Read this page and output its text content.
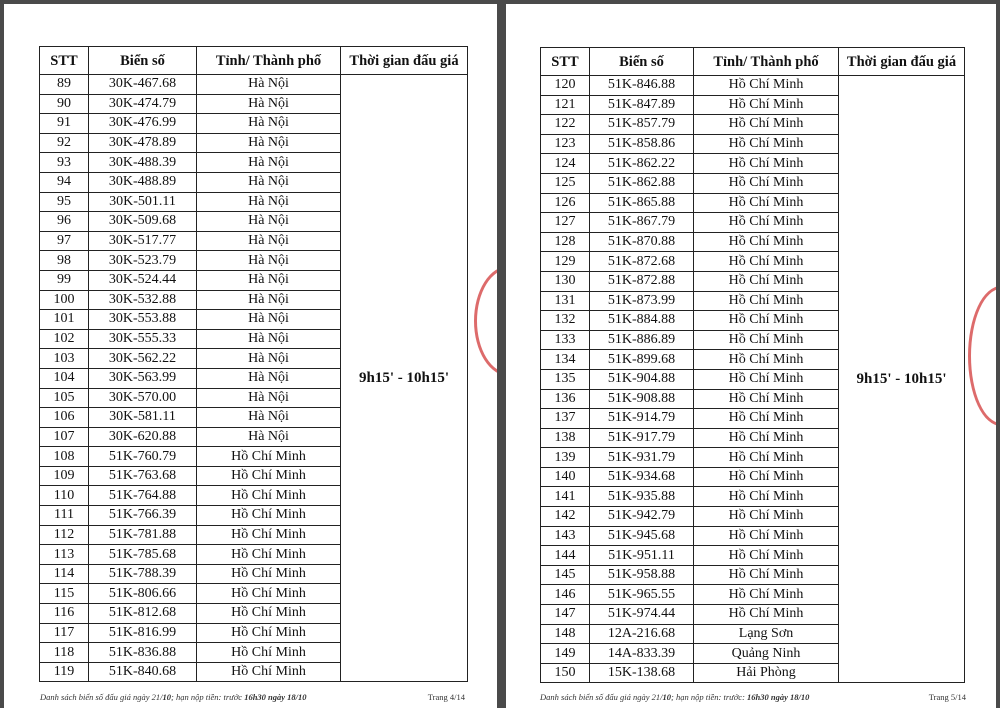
STT	Biển số	Tỉnh/ Thành phố	Thời gian đấu giá
89	30K-467.68	Hà Nội	9h15' - 10h15'
90	30K-474.79	Hà Nội	
91	30K-476.99	Hà Nội	
92	30K-478.89	Hà Nội	
93	30K-488.39	Hà Nội	
94	30K-488.89	Hà Nội	
95	30K-501.11	Hà Nội	
96	30K-509.68	Hà Nội	
97	30K-517.77	Hà Nội	
98	30K-523.79	Hà Nội	
99	30K-524.44	Hà Nội	
100	30K-532.88	Hà Nội	
101	30K-553.88	Hà Nội	
102	30K-555.33	Hà Nội	
103	30K-562.22	Hà Nội	
104	30K-563.99	Hà Nội	
105	30K-570.00	Hà Nội	
106	30K-581.11	Hà Nội	
107	30K-620.88	Hà Nội	
108	51K-760.79	Hồ Chí Minh	
109	51K-763.68	Hồ Chí Minh	
110	51K-764.88	Hồ Chí Minh	
111	51K-766.39	Hồ Chí Minh	
112	51K-781.88	Hồ Chí Minh	
113	51K-785.68	Hồ Chí Minh	
114	51K-788.39	Hồ Chí Minh	
115	51K-806.66	Hồ Chí Minh	
116	51K-812.68	Hồ Chí Minh	
117	51K-816.99	Hồ Chí Minh	
118	51K-836.88	Hồ Chí Minh	
119	51K-840.68	Hồ Chí Minh	
Danh sách biển số đấu giá ngày 21/10; hạn nộp tiền: trước 16h30 ngày 18/10	Trang 4/14
STT	Biển số	Tỉnh/ Thành phố	Thời gian đấu giá
120	51K-846.88	Hồ Chí Minh	9h15' - 10h15'
121	51K-847.89	Hồ Chí Minh	
122	51K-857.79	Hồ Chí Minh	
123	51K-858.86	Hồ Chí Minh	
124	51K-862.22	Hồ Chí Minh	
125	51K-862.88	Hồ Chí Minh	
126	51K-865.88	Hồ Chí Minh	
127	51K-867.79	Hồ Chí Minh	
128	51K-870.88	Hồ Chí Minh	
129	51K-872.68	Hồ Chí Minh	
130	51K-872.88	Hồ Chí Minh	
131	51K-873.99	Hồ Chí Minh	
132	51K-884.88	Hồ Chí Minh	
133	51K-886.89	Hồ Chí Minh	
134	51K-899.68	Hồ Chí Minh	
135	51K-904.88	Hồ Chí Minh	
136	51K-908.88	Hồ Chí Minh	
137	51K-914.79	Hồ Chí Minh	
138	51K-917.79	Hồ Chí Minh	
139	51K-931.79	Hồ Chí Minh	
140	51K-934.68	Hồ Chí Minh	
141	51K-935.88	Hồ Chí Minh	
142	51K-942.79	Hồ Chí Minh	
143	51K-945.68	Hồ Chí Minh	
144	51K-951.11	Hồ Chí Minh	
145	51K-958.88	Hồ Chí Minh	
146	51K-965.55	Hồ Chí Minh	
147	51K-974.44	Hồ Chí Minh	
148	12A-216.68	Lạng Sơn	
149	14A-833.39	Quảng Ninh	
150	15K-138.68	Hải Phòng	
Danh sách biển số đấu giá ngày 21/10; hạn nộp tiền: trước: 16h30 ngày 18/10	Trang 5/14
